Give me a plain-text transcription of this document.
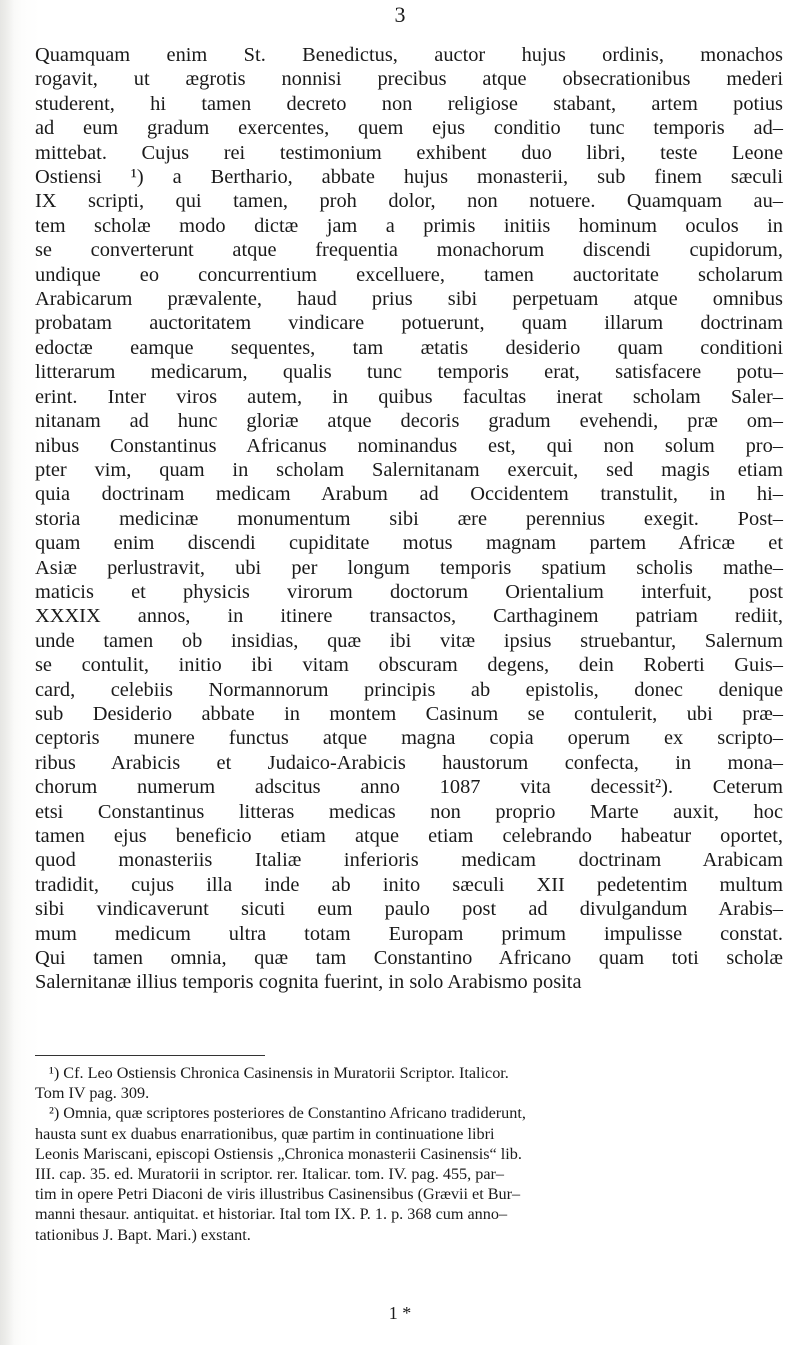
3
Quamquam enim St. Benedictus, auctor hujus ordinis, monachos
rogavit, ut ægrotis nonnisi precibus atque obsecrationibus mederi
studerent, hi tamen decreto non religiose stabant, artem potius
ad eum gradum exercentes, quem ejus conditio tunc temporis ad–
mittebat. Cujus rei testimonium exhibent duo libri, teste Leone
Ostiensi ¹) a Berthario, abbate hujus monasterii, sub finem sæculi
IX scripti, qui tamen, proh dolor, non notuere. Quamquam au–
tem scholæ modo dictæ jam a primis initiis hominum oculos in
se converterunt atque frequentia monachorum discendi cupidorum,
undique eo concurrentium excelluere, tamen auctoritate scholarum
Arabicarum prævalente, haud prius sibi perpetuam atque omnibus
probatam auctoritatem vindicare potuerunt, quam illarum doctrinam
edoctæ eamque sequentes, tam ætatis desiderio quam conditioni
litterarum medicarum, qualis tunc temporis erat, satisfacere potu–
erint. Inter viros autem, in quibus facultas inerat scholam Saler–
nitanam ad hunc gloriæ atque decoris gradum evehendi, præ om–
nibus Constantinus Africanus nominandus est, qui non solum pro–
pter vim, quam in scholam Salernitanam exercuit, sed magis etiam
quia doctrinam medicam Arabum ad Occidentem transtulit, in hi–
storia medicinæ monumentum sibi ære perennius exegit. Post–
quam enim discendi cupiditate motus magnam partem Africæ et
Asiæ perlustravit, ubi per longum temporis spatium scholis mathe–
maticis et physicis virorum doctorum Orientalium interfuit, post
XXXIX annos, in itinere transactos, Carthaginem patriam rediit,
unde tamen ob insidias, quæ ibi vitæ ipsius struebantur, Salernum
se contulit, initio ibi vitam obscuram degens, dein Roberti Guis–
card, celebiis Normannorum principis ab epistolis, donec denique
sub Desiderio abbate in montem Casinum se contulerit, ubi præ–
ceptoris munere functus atque magna copia operum ex scripto–
ribus Arabicis et Judaico-Arabicis haustorum confecta, in mona–
chorum numerum adscitus anno 1087 vita decessit²). Ceterum
etsi Constantinus litteras medicas non proprio Marte auxit, hoc
tamen ejus beneficio etiam atque etiam celebrando habeatur oportet,
quod monasteriis Italiæ inferioris medicam doctrinam Arabicam
tradidit, cujus illa inde ab inito sæculi XII pedetentim multum
sibi vindicaverunt sicuti eum paulo post ad divulgandum Arabis–
mum medicum ultra totam Europam primum impulisse constat.
Qui tamen omnia, quæ tam Constantino Africano quam toti scholæ
Salernitanæ illius temporis cognita fuerint, in solo Arabismo posita
¹) Cf. Leo Ostiensis Chronica Casinensis in Muratorii Scriptor. Italicor.
Tom IV pag. 309.
²) Omnia, quæ scriptores posteriores de Constantino Africano tradiderunt,
hausta sunt ex duabus enarrationibus, quæ partim in continuatione libri
Leonis Mariscani, episcopi Ostiensis „Chronica monasterii Casinensis“ lib.
III. cap. 35. ed. Muratorii in scriptor. rer. Italicar. tom. IV. pag. 455, par–
tim in opere Petri Diaconi de viris illustribus Casinensibus (Grævii et Bur–
manni thesaur. antiquitat. et historiar. Ital tom IX. P. 1. p. 368 cum anno–
tationibus J. Bapt. Mari.) exstant.
1 *
